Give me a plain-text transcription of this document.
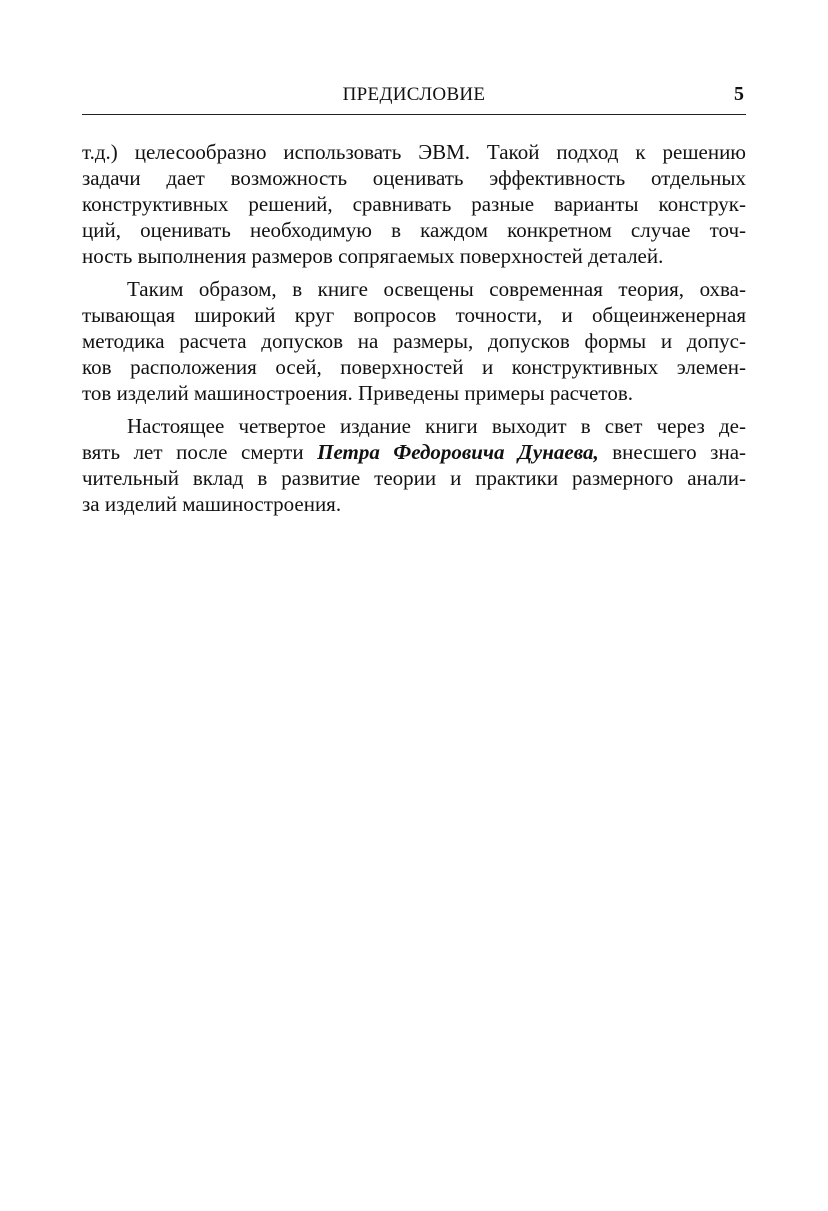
ПРЕДИСЛОВИЕ	5
т.д.) целесообразно использовать ЭВМ. Такой подход к решению
задачи дает возможность оценивать эффективность отдельных
конструктивных решений, сравнивать разные варианты конструк-
ций, оценивать необходимую в каждом конкретном случае точ-
ность выполнения размеров сопрягаемых поверхностей деталей.
Таким образом, в книге освещены современная теория, охва-
тывающая широкий круг вопросов точности, и общеинженерная
методика расчета допусков на размеры, допусков формы и допус-
ков расположения осей, поверхностей и конструктивных элемен-
тов изделий машиностроения. Приведены примеры расчетов.
Настоящее четвертое издание книги выходит в свет через де-
вять лет после смерти Петра Федоровича Дунаева, внесшего зна-
чительный вклад в развитие теории и практики размерного анали-
за изделий машиностроения.
